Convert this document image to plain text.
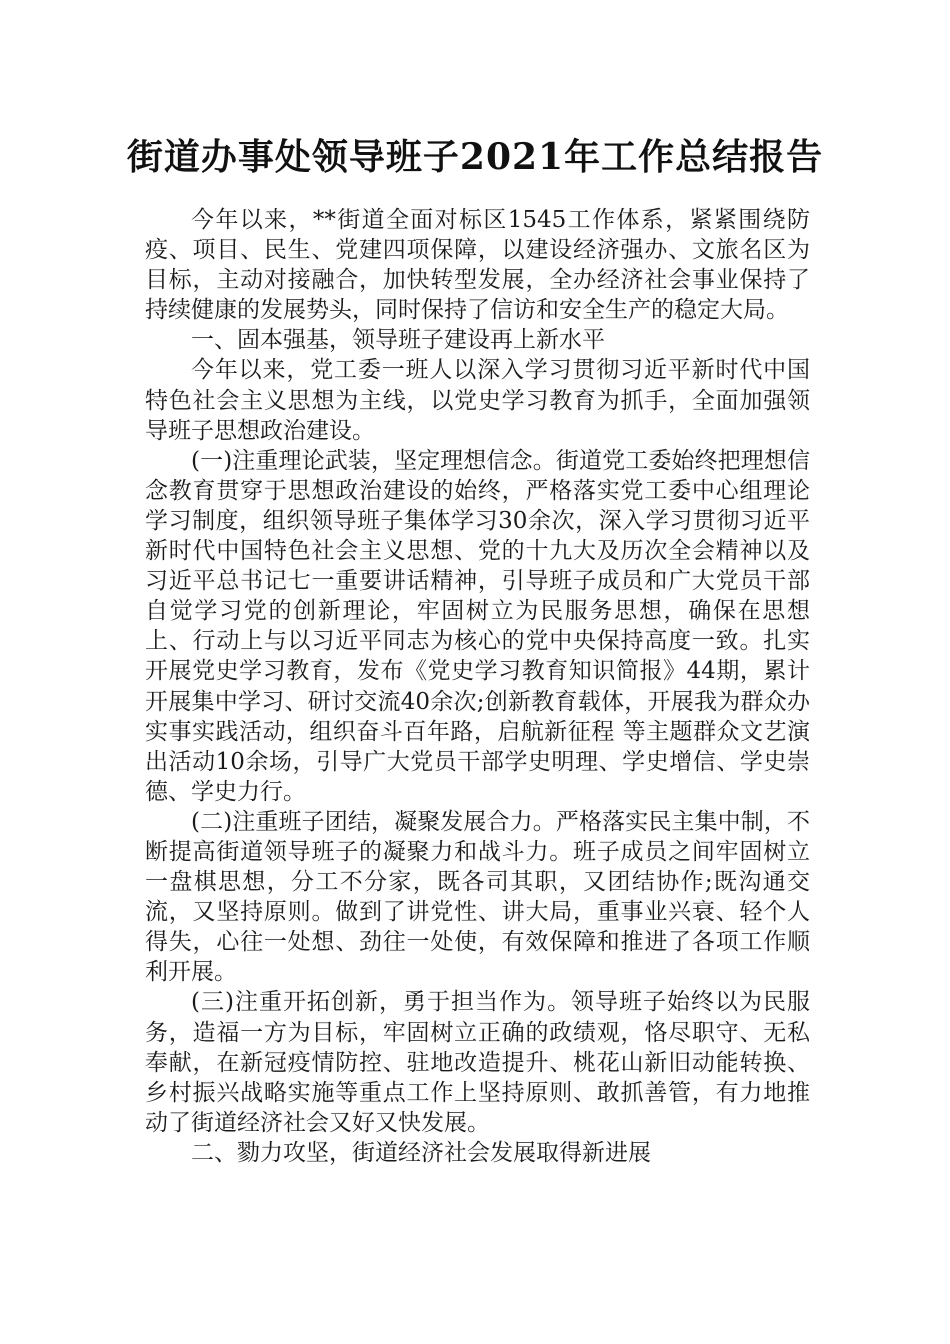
街道办事处领导班子2021年工作总结报告

今年以来，**街道全面对标区1545工作体系，紧紧围绕防疫、项目、民生、党建四项保障，以建设经济强办、文旅名区为目标，主动对接融合，加快转型发展，全办经济社会事业保持了持续健康的发展势头，同时保持了信访和安全生产的稳定大局。

一、固本强基，领导班子建设再上新水平

今年以来，党工委一班人以深入学习贯彻习近平新时代中国特色社会主义思想为主线，以党史学习教育为抓手，全面加强领导班子思想政治建设。

(一)注重理论武装，坚定理想信念。街道党工委始终把理想信念教育贯穿于思想政治建设的始终，严格落实党工委中心组理论学习制度，组织领导班子集体学习30余次，深入学习贯彻习近平新时代中国特色社会主义思想、党的十九大及历次全会精神以及习近平总书记七一重要讲话精神，引导班子成员和广大党员干部自觉学习党的创新理论，牢固树立为民服务思想，确保在思想上、行动上与以习近平同志为核心的党中央保持高度一致。扎实开展党史学习教育，发布《党史学习教育知识简报》44期，累计开展集中学习、研讨交流40余次;创新教育载体，开展我为群众办实事实践活动，组织奋斗百年路，启航新征程 等主题群众文艺演出活动10余场，引导广大党员干部学史明理、学史增信、学史崇德、学史力行。

(二)注重班子团结，凝聚发展合力。严格落实民主集中制，不断提高街道领导班子的凝聚力和战斗力。班子成员之间牢固树立一盘棋思想，分工不分家，既各司其职，又团结协作;既沟通交流，又坚持原则。做到了讲党性、讲大局，重事业兴衰、轻个人得失，心往一处想、劲往一处使，有效保障和推进了各项工作顺利开展。

(三)注重开拓创新，勇于担当作为。领导班子始终以为民服务，造福一方为目标，牢固树立正确的政绩观，恪尽职守、无私奉献，在新冠疫情防控、驻地改造提升、桃花山新旧动能转换、乡村振兴战略实施等重点工作上坚持原则、敢抓善管，有力地推动了街道经济社会又好又快发展。

二、勠力攻坚，街道经济社会发展取得新进展
